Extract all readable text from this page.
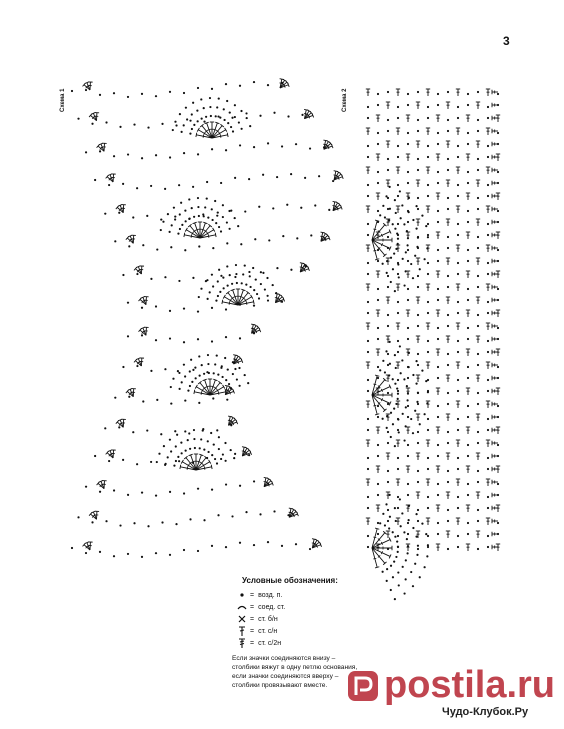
3
Схема 1	Схема 2
Условные обозначения:
= возд. п.
= соед. ст.
= ст. б/н
= ст. с/н
= ст. с/2н
Если значки соединяются внизу – столбики вяжут в одну петлю основания, если значки соединяются вверху – столбики провязывают вместе.	postila.ru
Чудо-Клубок.Ру
